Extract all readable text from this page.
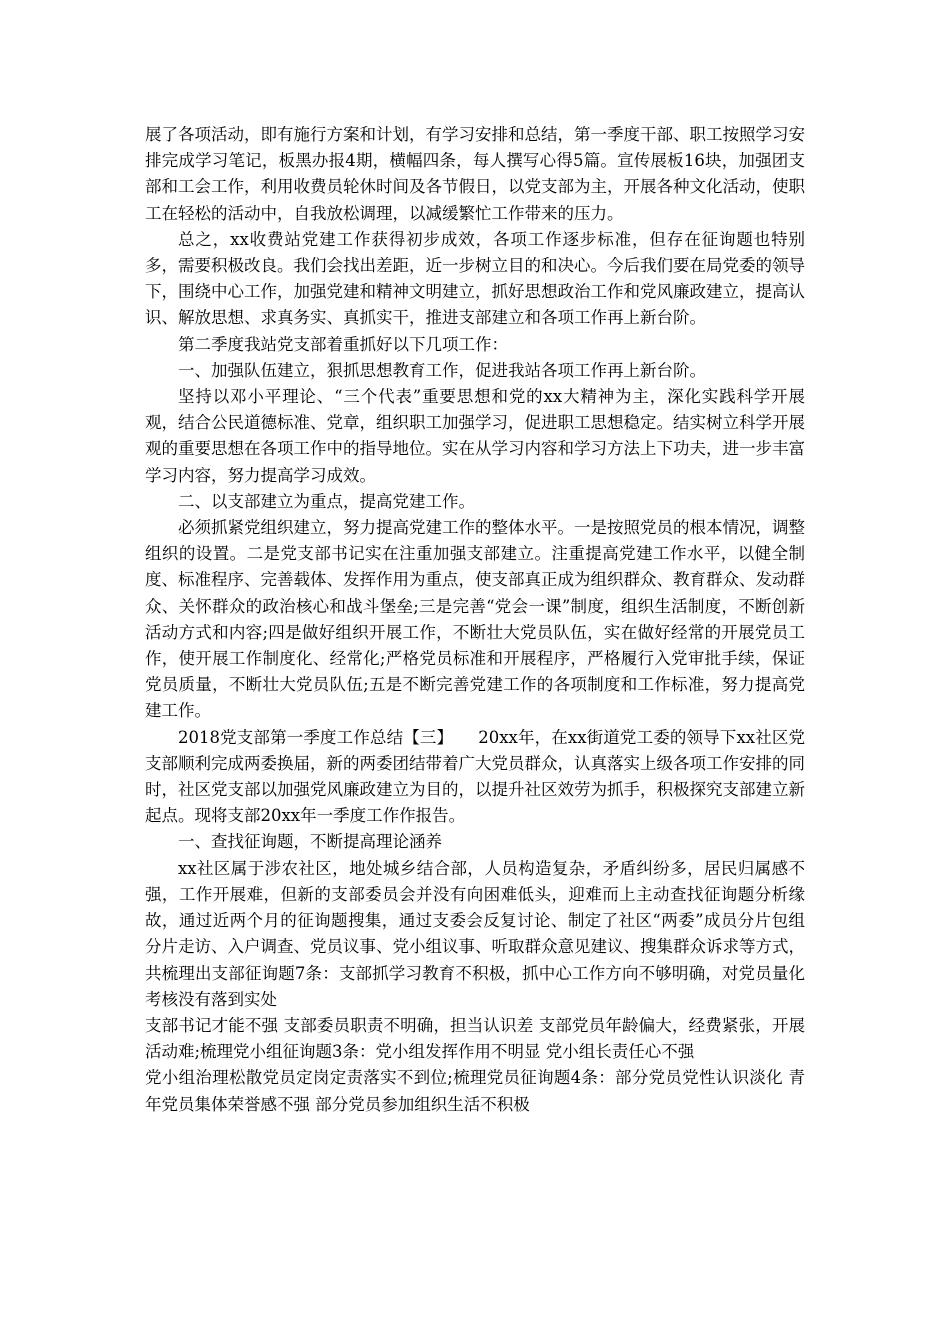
展了各项活动，即有施行方案和计划，有学习安排和总结，第一季度干部、职工按照学习安排完成学习笔记，板黑办报4期，横幅四条，每人撰写心得5篇。宣传展板16块，加强团支部和工会工作，利用收费员轮休时间及各节假日，以党支部为主，开展各种文化活动，使职工在轻松的活动中，自我放松调理，以减缓繁忙工作带来的压力。

总之，xx收费站党建工作获得初步成效，各项工作逐步标准，但存在征询题也特别多，需要积极改良。我们会找出差距，近一步树立目的和决心。今后我们要在局党委的领导下，围绕中心工作，加强党建和精神文明建立，抓好思想政治工作和党风廉政建立，提高认识、解放思想、求真务实、真抓实干，推进支部建立和各项工作再上新台阶。

第二季度我站党支部着重抓好以下几项工作：

一、加强队伍建立，狠抓思想教育工作，促进我站各项工作再上新台阶。

坚持以邓小平理论、“三个代表”重要思想和党的xx大精神为主，深化实践科学开展观，结合公民道德标准、党章，组织职工加强学习，促进职工思想稳定。结实树立科学开展观的重要思想在各项工作中的指导地位。实在从学习内容和学习方法上下功夫，进一步丰富学习内容，努力提高学习成效。

二、以支部建立为重点，提高党建工作。

必须抓紧党组织建立，努力提高党建工作的整体水平。一是按照党员的根本情况，调整组织的设置。二是党支部书记实在注重加强支部建立。注重提高党建工作水平，以健全制度、标准程序、完善载体、发挥作用为重点，使支部真正成为组织群众、教育群众、发动群众、关怀群众的政治核心和战斗堡垒;三是完善“党会一课”制度，组织生活制度，不断创新活动方式和内容;四是做好组织开展工作，不断壮大党员队伍，实在做好经常的开展党员工作，使开展工作制度化、经常化;严格党员标准和开展程序，严格履行入党审批手续，保证党员质量，不断壮大党员队伍;五是不断完善党建工作的各项制度和工作标准，努力提高党建工作。

2018党支部第一季度工作总结【三】　　20xx年，在xx街道党工委的领导下xx社区党支部顺利完成两委换届，新的两委团结带着广大党员群众，认真落实上级各项工作安排的同时，社区党支部以加强党风廉政建立为目的，以提升社区效劳为抓手，积极探究支部建立新起点。现将支部20xx年一季度工作作报告。

一、查找征询题，不断提高理论涵养

xx社区属于涉农社区，地处城乡结合部，人员构造复杂，矛盾纠纷多，居民归属感不强，工作开展难，但新的支部委员会并没有向困难低头，迎难而上主动查找征询题分析缘故，通过近两个月的征询题搜集，通过支委会反复讨论、制定了社区“两委”成员分片包组分片走访、入户调查、党员议事、党小组议事、听取群众意见建议、搜集群众诉求等方式，共梳理出支部征询题7条：支部抓学习教育不积极，抓中心工作方向不够明确，对党员量化考核没有落到实处

支部书记才能不强 支部委员职责不明确，担当认识差 支部党员年龄偏大，经费紧张，开展活动难;梳理党小组征询题3条：党小组发挥作用不明显 党小组长责任心不强

党小组治理松散党员定岗定责落实不到位;梳理党员征询题4条：部分党员党性认识淡化 青年党员集体荣誉感不强 部分党员参加组织生活不积极
